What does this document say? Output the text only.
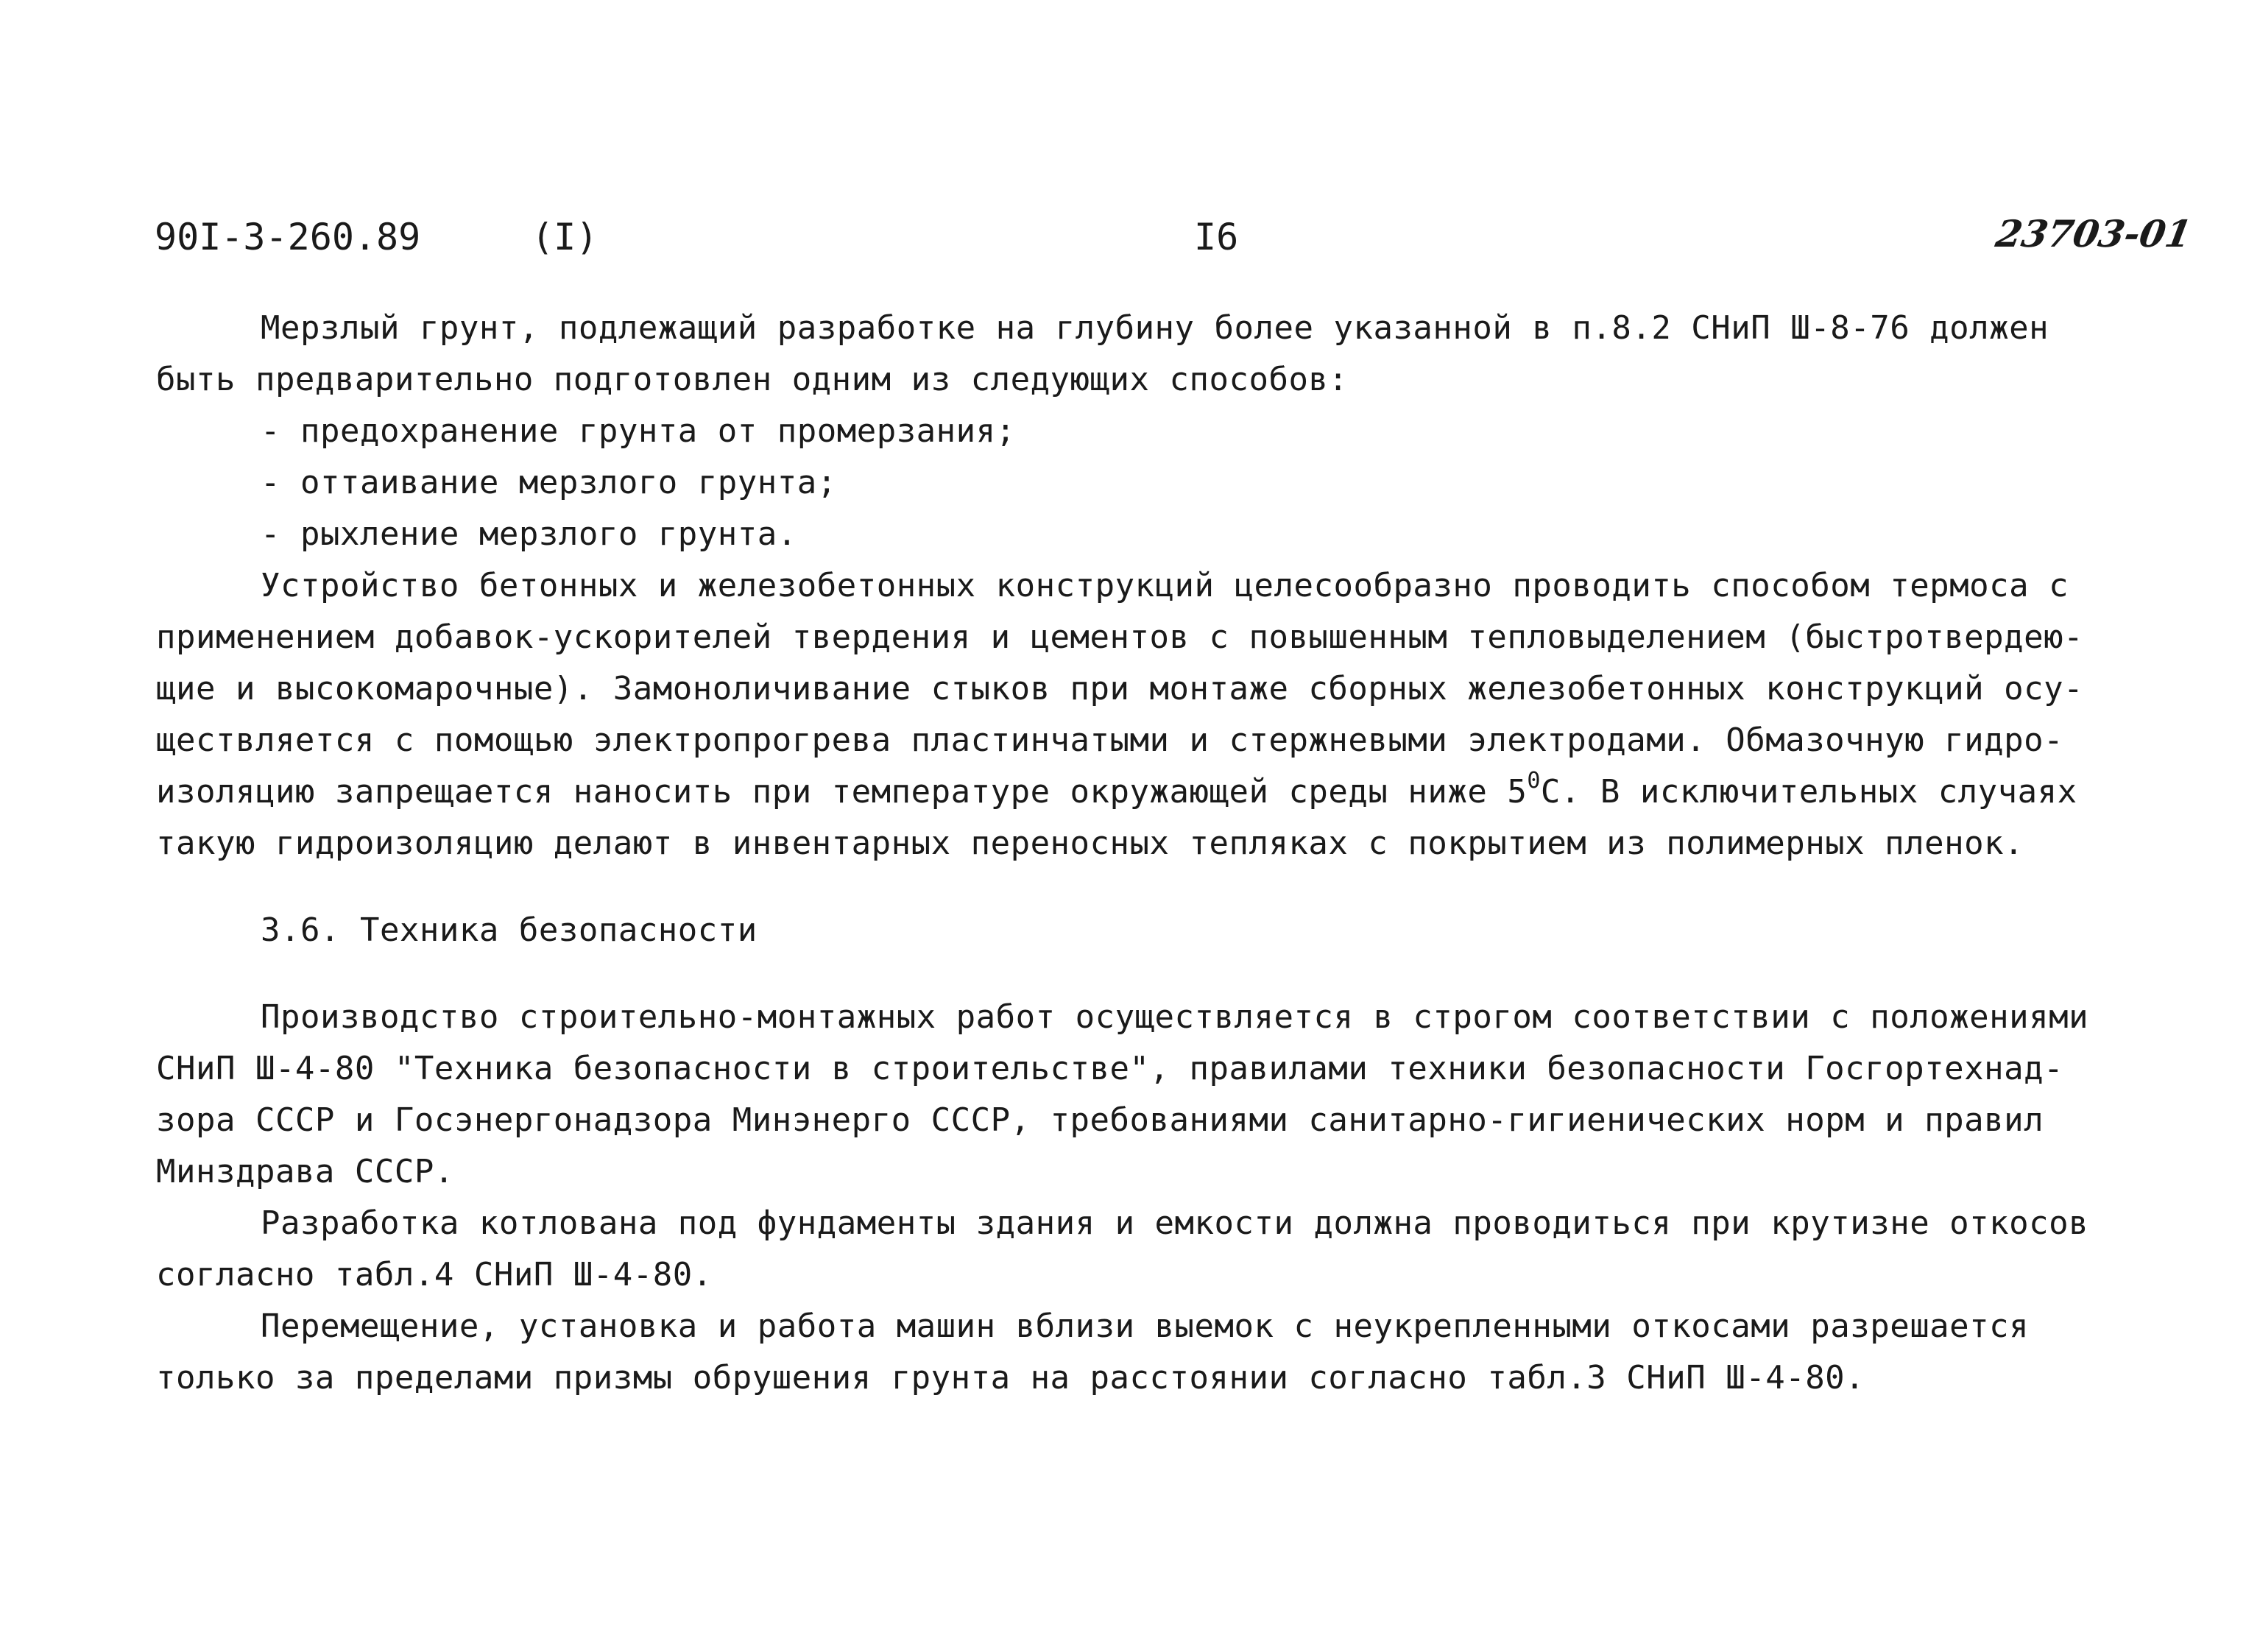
90I-3-260.89	(I)	I6	23703-01
Мерзлый грунт, подлежащий разработке на глубину более указанной в п.8.2 СНиП Ш-8-76 должен
быть предварительно подготовлен одним из следующих способов:
- предохранение грунта от промерзания;
- оттаивание мерзлого грунта;
- рыхление мерзлого грунта.
Устройство бетонных и железобетонных конструкций целесообразно проводить способом термоса с
применением добавок-ускорителей твердения и цементов с повышенным тепловыделением (быстротвердею-
щие и высокомарочные). Замоноличивание стыков при монтаже сборных железобетонных конструкций осу-
ществляется с помощью электропрогрева пластинчатыми и стержневыми электродами. Обмазочную гидро-
изоляцию запрещается наносить при температуре окружающей среды ниже $5^0С$. В исключительных случаях
такую гидроизоляцию делают в инвентарных переносных тепляках с покрытием из полимерных пленок.
3.6. Техника безопасности
Производство строительно-монтажных работ осуществляется в строгом соответствии с положениями
СНиП Ш-4-80 "Техника безопасности в строительстве", правилами техники безопасности Госгортехнад-
зора СССР и Госэнергонадзора Минэнерго СССР, требованиями санитарно-гигиенических норм и правил
Минздрава СССР.
Разработка котлована под фундаменты здания и емкости должна проводиться при крутизне откосов
согласно табл.4 СНиП Ш-4-80.
Перемещение, установка и работа машин вблизи выемок с неукрепленными откосами разрешается
только за пределами призмы обрушения грунта на расстоянии согласно табл.3 СНиП Ш-4-80.
